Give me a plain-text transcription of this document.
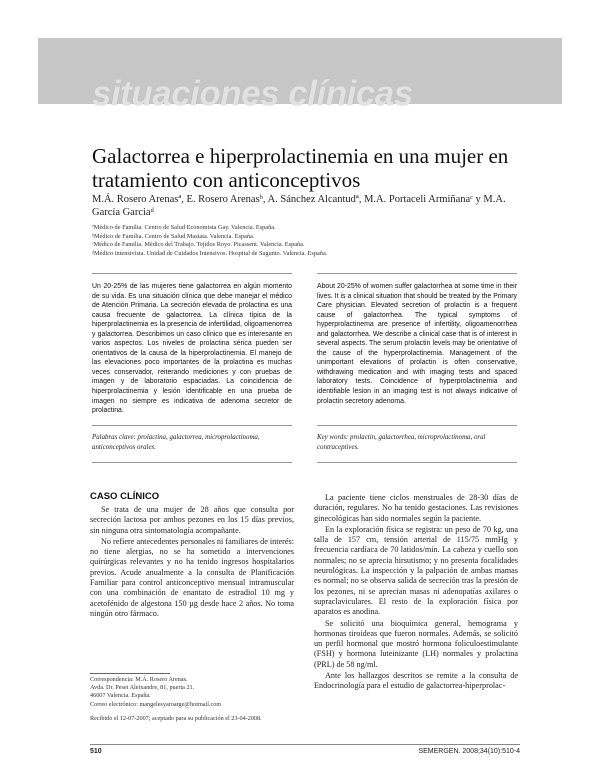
situaciones clínicas
Galactorrea e hiperprolactinemia en una mujer en tratamiento con anticonceptivos
M.Á. Rosero Arenasª, E. Rosero Arenasᵇ, A. Sánchez Alcantudª, M.A. Portaceli Armiñanaᶜ y M.A. García Garciaᵈ
ªMédico de Familia. Centro de Salud Economista Gay. Valencia. España.
ᵇMédico de Familia. Centro de Salud Masiata. Valencia. España.
ᶜMédico de Familia. Médico del Trabajo. Tejidos Royo. Picassent. Valencia. España.
ᵈMédico intensivista. Unidad de Cuidados Intensivos. Hospital de Sagunto. Valencia. España.
Un 20-25% de las mujeres tiene galactorrea en algún momento de su vida. Es una situación clínica que debe manejar el médico de Atención Primaria. La secreción elevada de prolactina es una causa frecuente de galactorrea. La clínica típica de la hiperprolactinemia es la presencia de infertilidad, oligoamenorrea y galactorrea. Describimos un caso clínico que es interesante en varios aspectos. Los niveles de prolactina sérica pueden ser orientativos de la causa de la hiperprolactinemia. El manejo de las elevaciones poco importantes de la prolactina es muchas veces conservador, reiterando mediciones y con pruebas de imagen y de laboratorio espaciadas. La coincidencia de hiperprolactinemia y lesión identificable en una prueba de imagen no siempre es indicativa de adenoma secretor de prolactina.
Palabras clave: prolactina, galactorrea, microprolactinoma, anticonceptivos orales.
About 20-25% of women suffer galactorrhea at some time in their lives. It is a clinical situation that should be treated by the Primary Care physician. Elevated secretion of prolactin is a frequent cause of galactorrhea. The typical symptoms of hyperprolactinema are presence of infertility, oligoamenorrhea and galactorrhea. We describe a clinical case that is of interest in several aspects. The serum prolactin levels may be orientative of the cause of the hyperprolactinemia. Management of the unimportant elevations of prolactin is often conservative, withdrawing medication and with imaging tests and spaced laboratory tests. Coincidence of hyperprolactinemia and identifiable lesion in an imaging test is not always indicative of prolactin secretory adenoma.
Key words: prolactin, galactorrhea, microprolactinoma, oral contraceptives.
CASO CLÍNICO

Se trata de una mujer de 28 años que consulta por secreción lactosa por ambos pezones en los 15 días previos, sin ninguna otra sintomatología acompañante.

No refiere antecedentes personales ni familiares de interés: no tiene alergias, no se ha sometido a intervenciones quirúrgicas relevantes y no ha tenido ingresos hospitalarios previos. Acude anualmente a la consulta de Planificación Familiar para control anticonceptivo mensual intramuscular con una combinación de enantato de estradiol 10 mg y acetofénido de algestona 150 µg desde hace 2 años. No toma ningún otro fármaco.

Correspondencia: M.Á. Rosero Arenas.
Avda. Dr. Peset Aleixandre, 81, puerta 21.
46007 Valencia. España.
Correo electrónico: mangelesyaroarge@hotmail.com
Recibido el 12-07-2007; aceptado para su publicación el 23-04-2008.

La paciente tiene ciclos menstruales de 28-30 días de duración, regulares. No ha tenido gestaciones. Las revisiones ginecológicas han sido normales según la paciente.

En la exploración física se registra: un peso de 70 kg, una talla de 157 cm, tensión arterial de 115/75 mmHg y frecuencia cardíaca de 70 latidos/min. La cabeza y cuello son normales; no se aprecia hirsutismo; y no presenta focalidades neurológicas. La inspección y la palpación de ambas mamas es normal; no se observa salida de secreción tras la presión de los pezones, ni se aprecian masas ni adenopatías axilares o supraclaviculares. El resto de la exploración física por aparatos es anodina.

Se solicitó una bioquímica general, hemograma y hormonas tiroideas que fueron normales. Además, se solicitó un perfil hormonal que mostró hormona foliculoestimulante (FSH) y hormona luteinizante (LH) normales y prolactina (PRL) de 58 ng/ml.

Ante los hallazgos descritos se remite a la consulta de Endocrinología para el estudio de galactorrea-hiperprolac-

510	SEMERGEN. 2008;34(10):510-4
